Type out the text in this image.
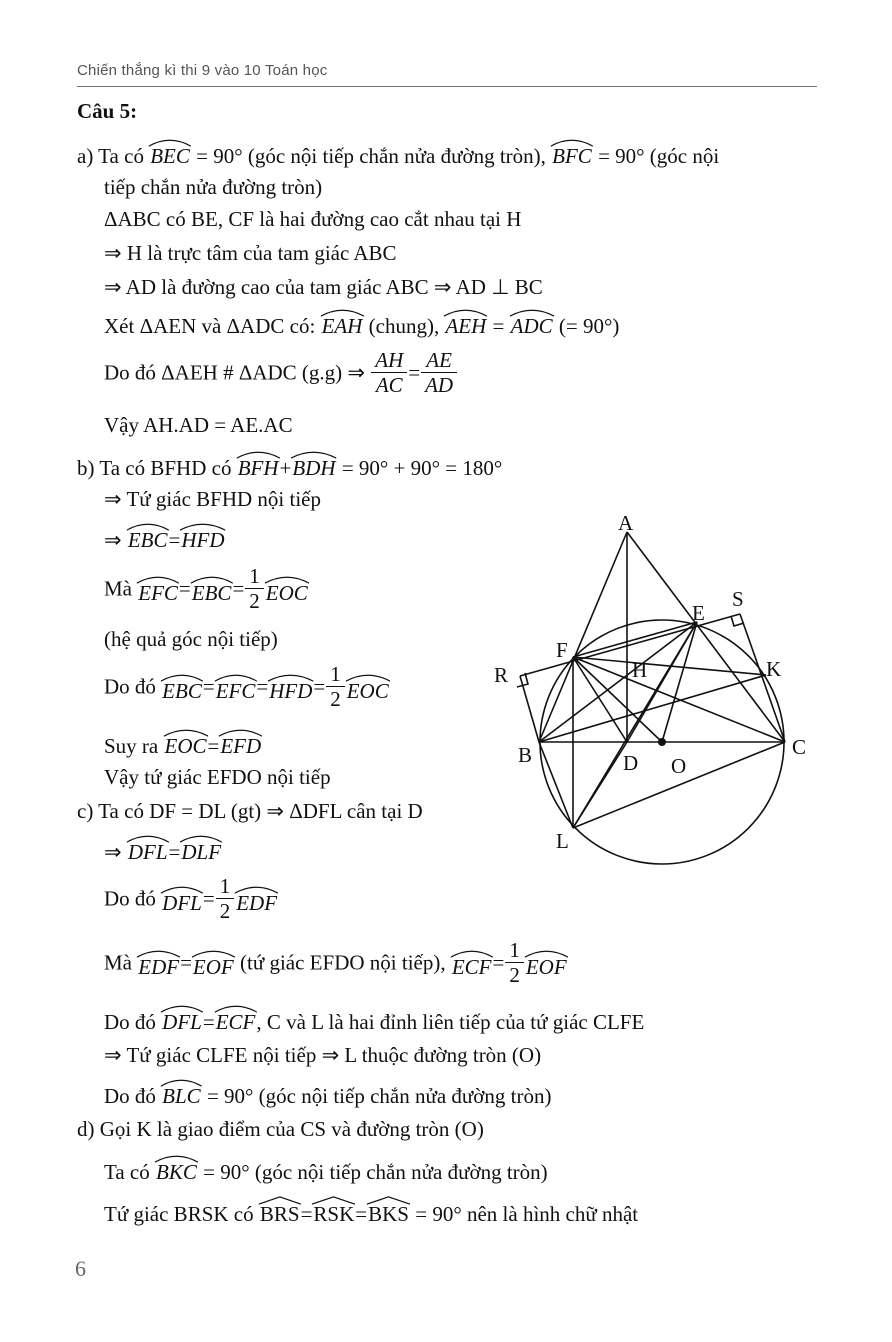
Chiến thắng kì thi 9 vào 10 Toán học
Câu 5:
a) Ta có BEC = 90° (góc nội tiếp chắn nửa đường tròn), BFC = 90° (góc nội
tiếp chắn nửa đường tròn)
ΔABC có BE, CF là hai đường cao cắt nhau tại H
⇒ H là trực tâm của tam giác ABC
⇒ AD là đường cao của tam giác ABC ⇒ AD ⊥ BC
Xét ΔAEN và ΔADC có: EAH (chung), AEH = ADC (= 90°)
Do đó ΔAEH # ΔADC (g.g) ⇒ $\frac{AH}{AC} = \frac{AE}{AD}$
Vậy AH.AD = AE.AC
b) Ta có BFHD có BFH+
BDH = 90° + 90° = 180°
⇒ Tứ giác BFHD nội tiếp
⇒ EBC=
HFD
Mà EFC=
$EBC= \frac{1}{2}$ EOC
(hệ quả góc nội tiếp)
Do đó EBC=
EFC=
$HFD= \frac{1}{2}$ EOC
Suy ra EOC=
EFD
Vậy tứ giác EFDO nội tiếp
c) Ta có DF = DL (gt) ⇒ ΔDFL cân tại D
⇒ DFL=
DLF
Do đó $DFL= \frac{1}{2}$ EDF
Mà EDF=
EOF (tứ giác EFDO nội tiếp), $ECF= \frac{1}{2}$ EOF
Do đó DFL=
ECF, C và L là hai đỉnh liên tiếp của tứ giác CLFE
⇒ Tứ giác CLFE nội tiếp ⇒ L thuộc đường tròn (O)
Do đó BLC = 90° (góc nội tiếp chắn nửa đường tròn)
d) Gọi K là giao điểm của CS và đường tròn (O)
Ta có BKC = 90° (góc nội tiếp chắn nửa đường tròn)
Tứ giác BRSK có BRS=
RSK=
BKS = 90° nên là hình chữ nhật
A
E
S
F
H	K
R
B	C
D O
L
6
